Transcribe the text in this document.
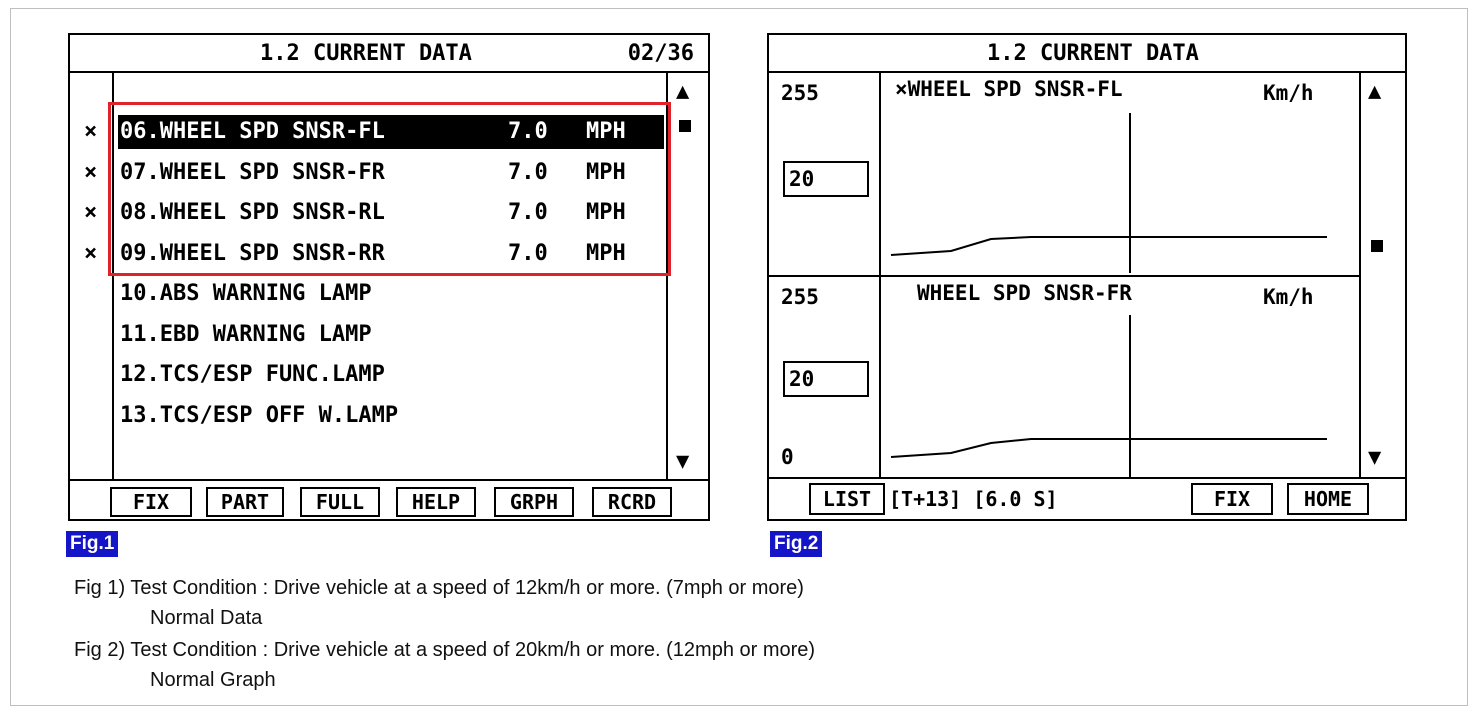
1.2 CURRENT DATA	02/36
▲
▼
× 06.WHEEL SPD SNSR-FL	7.0 MPH
× 07.WHEEL SPD SNSR-FR	7.0 MPH
× 08.WHEEL SPD SNSR-RL	7.0 MPH
× 09.WHEEL SPD SNSR-RR	7.0 MPH
10.ABS WARNING LAMP
11.EBD WARNING LAMP
12.TCS/ESP FUNC.LAMP
13.TCS/ESP OFF W.LAMP
FIX	PART	FULL	HELP	GRPH	RCRD
1.2 CURRENT DATA
255
20
×WHEEL SPD SNSR-FL	Km/h ▲
255
20
0
WHEEL SPD SNSR-FR	Km/h
▼
LIST [T+13] [6.0 S]	FIX	HOME
Fig.1	Fig.2
Fig 1) Test Condition : Drive vehicle at a speed of 12km/h or more. (7mph or more)
Normal Data
Fig 2) Test Condition : Drive vehicle at a speed of 20km/h or more. (12mph or more)
Normal Graph
